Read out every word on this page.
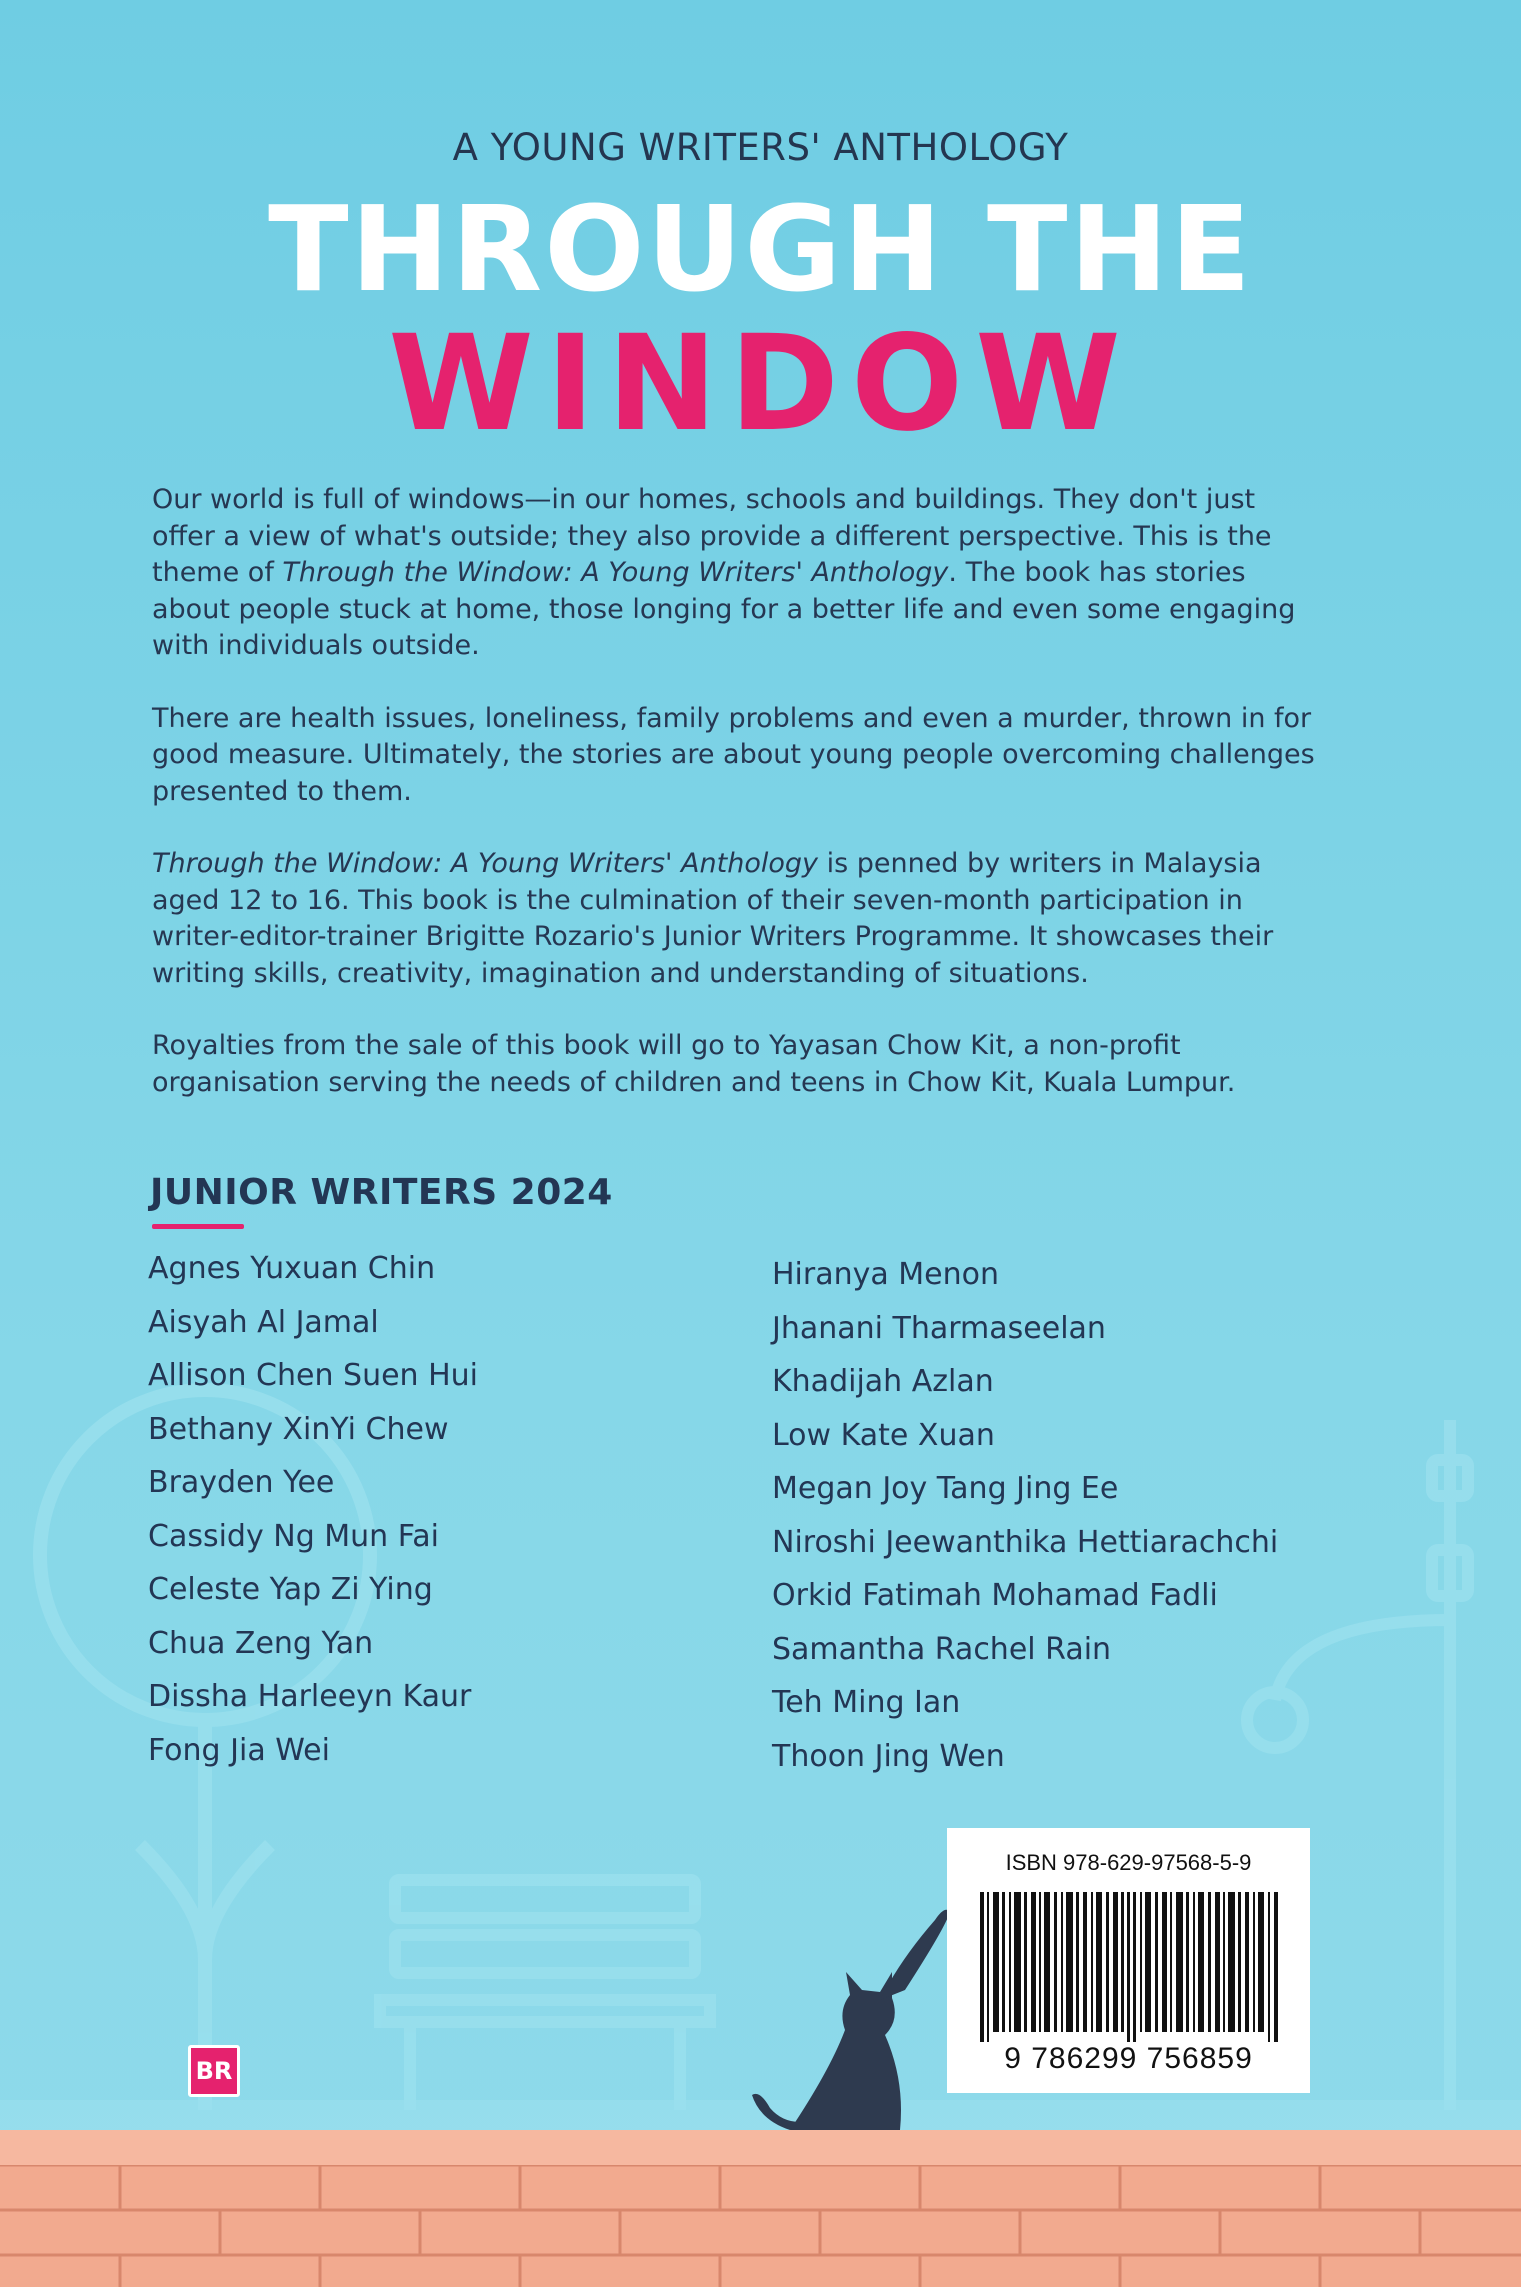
A YOUNG WRITERS' ANTHOLOGY
THROUGH THE
WINDOW

Our world is full of windows—in our homes, schools and buildings. They don't just offer a view of what's outside; they also provide a different perspective. This is the theme of Through the Window: A Young Writers' Anthology. The book has stories about people stuck at home, those longing for a better life and even some engaging with individuals outside.

There are health issues, loneliness, family problems and even a murder, thrown in for good measure. Ultimately, the stories are about young people overcoming challenges presented to them.

Through the Window: A Young Writers' Anthology is penned by writers in Malaysia aged 12 to 16. This book is the culmination of their seven-month participation in writer-editor-trainer Brigitte Rozario's Junior Writers Programme. It showcases their writing skills, creativity, imagination and understanding of situations.

Royalties from the sale of this book will go to Yayasan Chow Kit, a non-profit organisation serving the needs of children and teens in Chow Kit, Kuala Lumpur.

JUNIOR WRITERS 2024
Agnes Yuxuan Chin
Aisyah Al Jamal
Allison Chen Suen Hui
Bethany XinYi Chew
Brayden Yee
Cassidy Ng Mun Fai
Celeste Yap Zi Ying
Chua Zeng Yan
Dissha Harleeyn Kaur
Fong Jia Wei
Hiranya Menon
Jhanani Tharmaseelan
Khadijah Azlan
Low Kate Xuan
Megan Joy Tang Jing Ee
Niroshi Jeewanthika Hettiarachchi
Orkid Fatimah Mohamad Fadli
Samantha Rachel Rain
Teh Ming Ian
Thoon Jing Wen
ISBN 978-629-97568-5-9
9 786299 756859
BR
